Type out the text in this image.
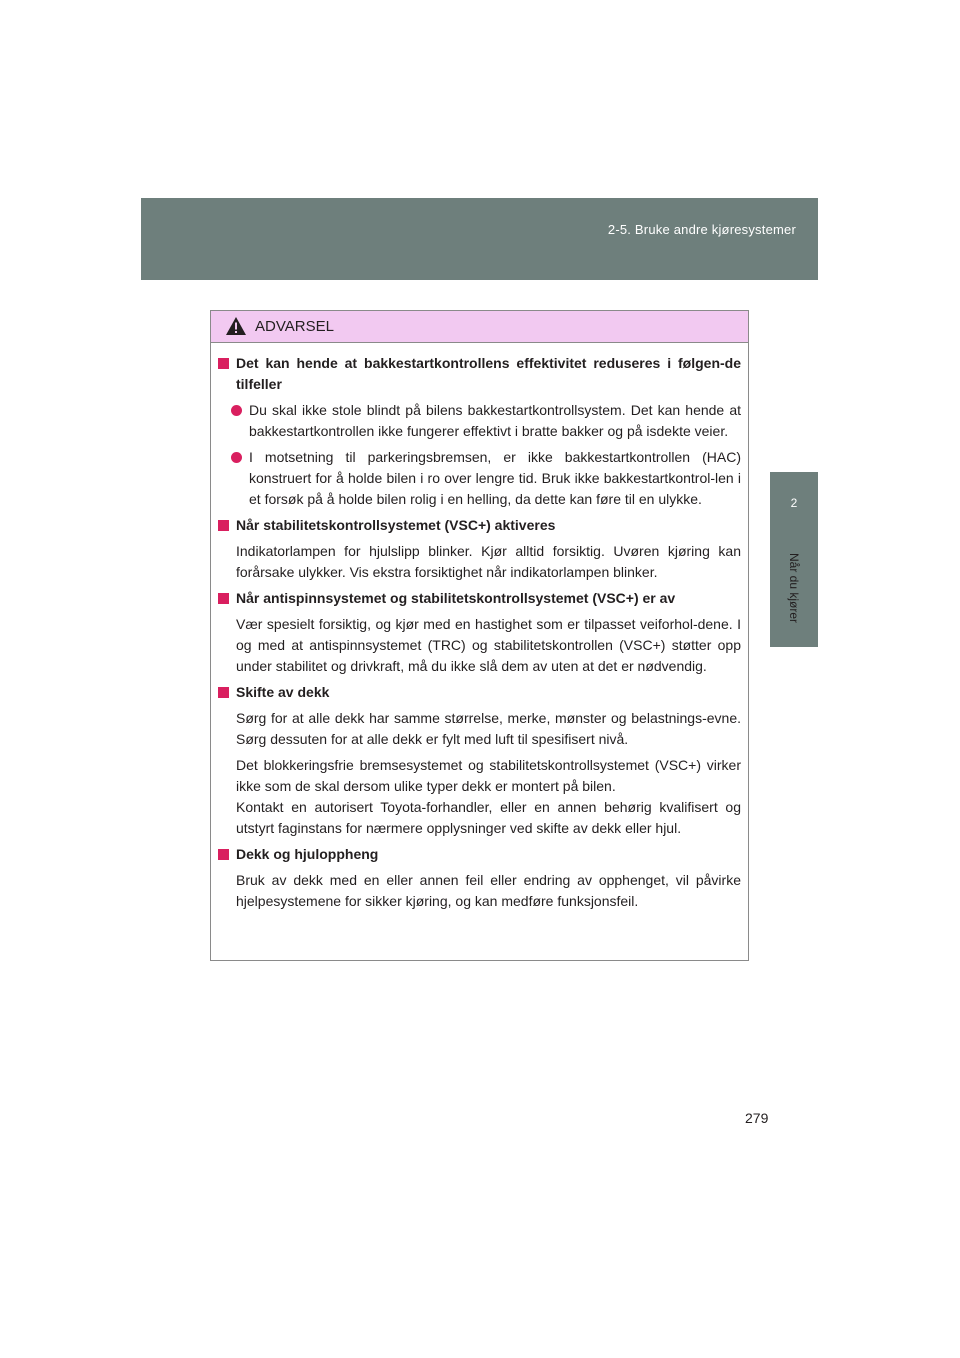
2-5. Bruke andre kjøresystemer
2
Når du kjører
ADVARSEL
Det kan hende at bakkestartkontrollens effektivitet reduseres i følgen-de tilfeller
Du skal ikke stole blindt på bilens bakkestartkontrollsystem. Det kan hende at bakkestartkontrollen ikke fungerer effektivt i bratte bakker og på isdekte veier.
I motsetning til parkeringsbremsen, er ikke bakkestartkontrollen (HAC) konstruert for å holde bilen i ro over lengre tid. Bruk ikke bakkestartkontrol-len i et forsøk på å holde bilen rolig i en helling, da dette kan føre til en ulykke.
Når stabilitetskontrollsystemet (VSC+) aktiveres
Indikatorlampen for hjulslipp blinker. Kjør alltid forsiktig. Uvøren kjøring kan forårsake ulykker. Vis ekstra forsiktighet når indikatorlampen blinker.
Når antispinnsystemet og stabilitetskontrollsystemet (VSC+) er av
Vær spesielt forsiktig, og kjør med en hastighet som er tilpasset veiforhol-dene. I og med at antispinnsystemet (TRC) og stabilitetskontrollen (VSC+) støtter opp under stabilitet og drivkraft, må du ikke slå dem av uten at det er nødvendig.
Skifte av dekk
Sørg for at alle dekk har samme størrelse, merke, mønster og belastnings-evne. Sørg dessuten for at alle dekk er fylt med luft til spesifisert nivå.
Det blokkeringsfrie bremsesystemet og stabilitetskontrollsystemet (VSC+) virker ikke som de skal dersom ulike typer dekk er montert på bilen.
Kontakt en autorisert Toyota-forhandler, eller en annen behørig kvalifisert og utstyrt faginstans for nærmere opplysninger ved skifte av dekk eller hjul.
Dekk og hjuloppheng
Bruk av dekk med en eller annen feil eller endring av opphenget, vil påvirke hjelpesystemene for sikker kjøring, og kan medføre funksjonsfeil.
279
